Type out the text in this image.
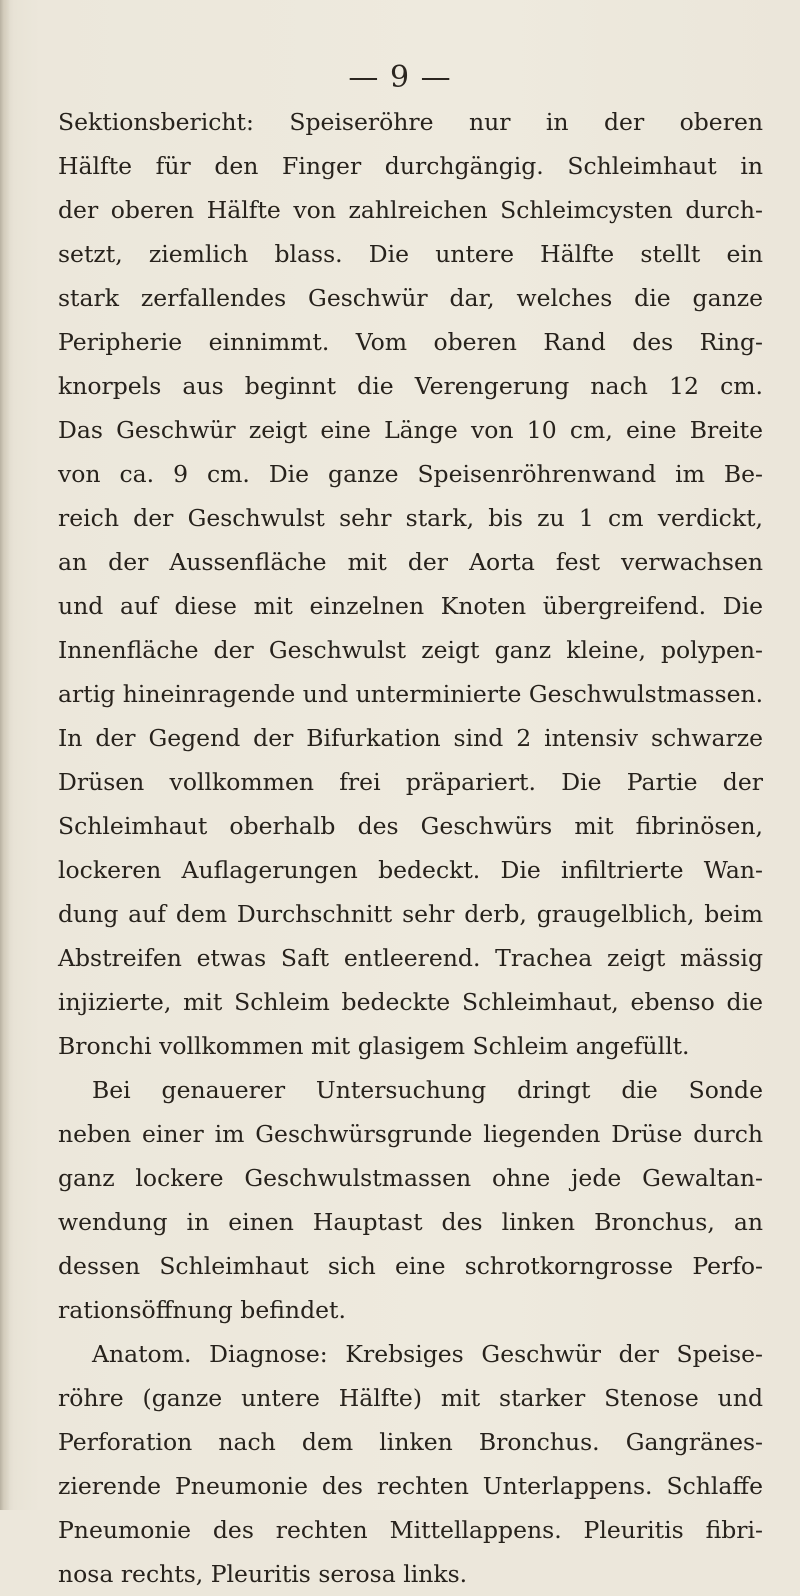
— 9 —
Sektionsbericht: Speiseröhre nur in der oberen
Hälfte für den Finger durchgängig. Schleimhaut in
der oberen Hälfte von zahlreichen Schleimcysten durch-
setzt, ziemlich blass. Die untere Hälfte stellt ein
stark zerfallendes Geschwür dar, welches die ganze
Peripherie einnimmt. Vom oberen Rand des Ring-
knorpels aus beginnt die Verengerung nach 12 cm.
Das Geschwür zeigt eine Länge von 10 cm, eine Breite
von ca. 9 cm. Die ganze Speisenröhrenwand im Be-
reich der Geschwulst sehr stark, bis zu 1 cm verdickt,
an der Aussenfläche mit der Aorta fest verwachsen
und auf diese mit einzelnen Knoten übergreifend. Die
Innenfläche der Geschwulst zeigt ganz kleine, polypen-
artig hineinragende und unterminierte Geschwulstmassen.
In der Gegend der Bifurkation sind 2 intensiv schwarze
Drüsen vollkommen frei präpariert. Die Partie der
Schleimhaut oberhalb des Geschwürs mit fibrinösen,
lockeren Auflagerungen bedeckt. Die infiltrierte Wan-
dung auf dem Durchschnitt sehr derb, graugelblich, beim
Abstreifen etwas Saft entleerend. Trachea zeigt mässig
injizierte, mit Schleim bedeckte Schleimhaut, ebenso die
Bronchi vollkommen mit glasigem Schleim angefüllt.
Bei genauerer Untersuchung dringt die Sonde
neben einer im Geschwürsgrunde liegenden Drüse durch
ganz lockere Geschwulstmassen ohne jede Gewaltan-
wendung in einen Hauptast des linken Bronchus, an
dessen Schleimhaut sich eine schrotkorngrosse Perfo-
rationsöffnung befindet.
Anatom. Diagnose: Krebsiges Geschwür der Speise-
röhre (ganze untere Hälfte) mit starker Stenose und
Perforation nach dem linken Bronchus. Gangränes-
zierende Pneumonie des rechten Unterlappens. Schlaffe
Pneumonie des rechten Mittellappens. Pleuritis fibri-
nosa rechts, Pleuritis serosa links.
